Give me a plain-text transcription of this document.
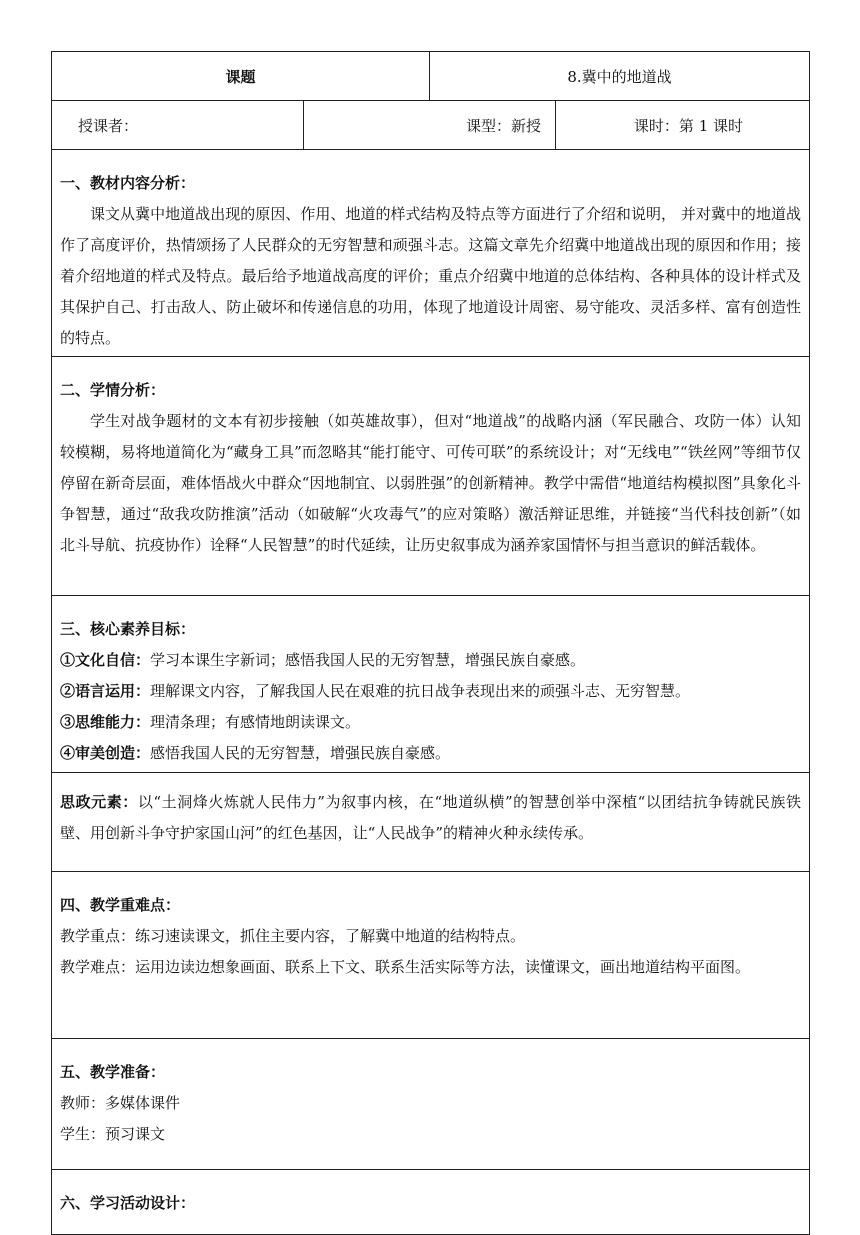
课题		8.冀中的地道战	
授课者：	课型：新授		课时：第 1 课时

一、教材内容分析：
课文从冀中地道战出现的原因、作用、地道的样式结构及特点等方面进行了介绍和说明， 并对冀中的地道战作了高度评价，热情颂扬了人民群众的无穷智慧和顽强斗志。这篇文章先介绍冀中地道战出现的原因和作用；接着介绍地道的样式及特点。最后给予地道战高度的评价；重点介绍冀中地道的总体结构、各种具体的设计样式及其保护自己、打击敌人、防止破坏和传递信息的功用，体现了地道设计周密、易守能攻、灵活多样、富有创造性的特点。			

二、学情分析：
学生对战争题材的文本有初步接触（如英雄故事），但对“地道战”的战略内涵（军民融合、攻防一体）认知较模糊，易将地道简化为“藏身工具”而忽略其“能打能守、可传可联”的系统设计；对“无线电”“铁丝网”等细节仅停留在新奇层面，难体悟战火中群众“因地制宜、以弱胜强”的创新精神。教学中需借“地道结构模拟图”具象化斗争智慧，通过“敌我攻防推演”活动（如破解“火攻毒气”的应对策略）激活辩证思维，并链接“当代科技创新”（如北斗导航、抗疫协作）诠释“人民智慧”的时代延续，让历史叙事成为涵养家国情怀与担当意识的鲜活载体。			

三、核心素养目标：
①文化自信：学习本课生字新词；感悟我国人民的无穷智慧，增强民族自豪感。
②语言运用：理解课文内容，了解我国人民在艰难的抗日战争表现出来的顽强斗志、无穷智慧。
③思维能力：理清条理；有感情地朗读课文。
④审美创造：感悟我国人民的无穷智慧，增强民族自豪感。			

思政元素：以“土洞烽火炼就人民伟力”为叙事内核，在“地道纵横”的智慧创举中深植“以团结抗争铸就民族铁壁、用创新斗争守护家国山河”的红色基因，让“人民战争”的精神火种永续传承。			

四、教学重难点：
教学重点：练习速读课文，抓住主要内容，了解冀中地道的结构特点。
教学难点：运用边读边想象画面、联系上下文、联系生活实际等方法，读懂课文，画出地道结构平面图。			

五、教学准备：
教师：多媒体课件
学生：预习课文			

六、学习活动设计：			
